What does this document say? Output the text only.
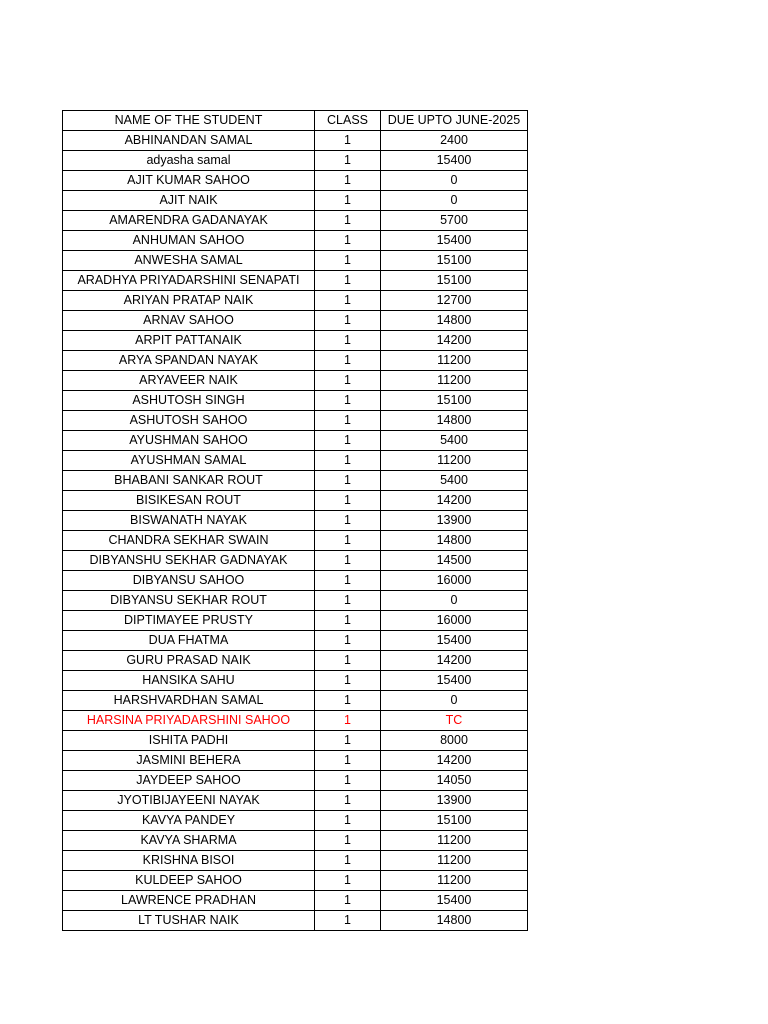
NAME OF THE STUDENT	CLASS	DUE UPTO JUNE-2025
ABHINANDAN SAMAL	1	2400
adyasha samal	1	15400
AJIT KUMAR SAHOO	1	0
AJIT NAIK	1	0
AMARENDRA GADANAYAK	1	5700
ANHUMAN SAHOO	1	15400
ANWESHA SAMAL	1	15100
ARADHYA PRIYADARSHINI SENAPATI	1	15100
ARIYAN PRATAP NAIK	1	12700
ARNAV SAHOO	1	14800
ARPIT PATTANAIK	1	14200
ARYA SPANDAN NAYAK	1	11200
ARYAVEER NAIK	1	11200
ASHUTOSH SINGH	1	15100
ASHUTOSH SAHOO	1	14800
AYUSHMAN SAHOO	1	5400
AYUSHMAN SAMAL	1	11200
BHABANI SANKAR ROUT	1	5400
BISIKESAN ROUT	1	14200
BISWANATH NAYAK	1	13900
CHANDRA SEKHAR SWAIN	1	14800
DIBYANSHU SEKHAR GADNAYAK	1	14500
DIBYANSU SAHOO	1	16000
DIBYANSU SEKHAR ROUT	1	0
DIPTIMAYEE PRUSTY	1	16000
DUA FHATMA	1	15400
GURU PRASAD NAIK	1	14200
HANSIKA SAHU	1	15400
HARSHVARDHAN SAMAL	1	0
HARSINA PRIYADARSHINI SAHOO	1	TC
ISHITA PADHI	1	8000
JASMINI BEHERA	1	14200
JAYDEEP SAHOO	1	14050
JYOTIBIJAYEENI NAYAK	1	13900
KAVYA PANDEY	1	15100
KAVYA SHARMA	1	11200
KRISHNA BISOI	1	11200
KULDEEP SAHOO	1	11200
LAWRENCE PRADHAN	1	15400
LT TUSHAR NAIK	1	14800
